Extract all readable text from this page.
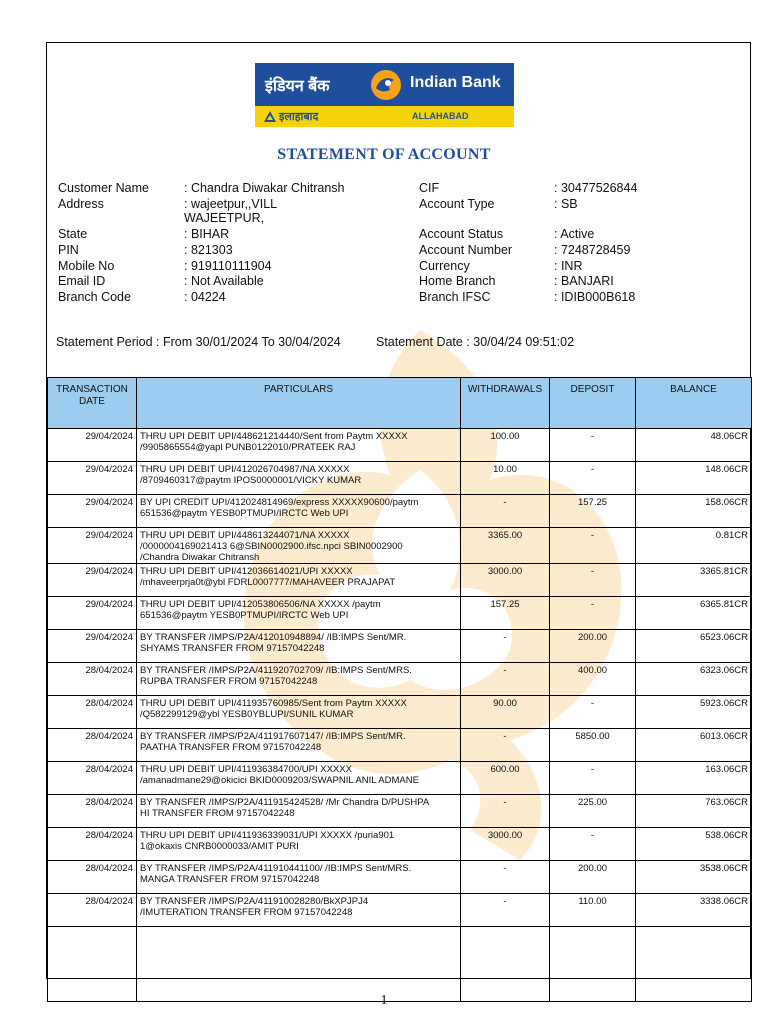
इंडियन बैंक	Indian Bank
इलाहाबाद	ALLAHABAD
STATEMENT OF ACCOUNT
Customer Name	: Chandra Diwakar Chitransh
Address	: wajeetpur,,VILL
WAJEETPUR,
State	: BIHAR
PIN	: 821303
Mobile No	: 919110111904
Email ID	: Not Available
Branch Code	: 04224
CIF	: 30477526844
Account Type	: SB
Account Status	: Active
Account Number	: 7248728459
Currency	: INR
Home Branch	: BANJARI
Branch IFSC	: IDIB000B618
Statement Period : From 30/01/2024 To 30/04/2024	Statement Date : 30/04/24 09:51:02
TRANSACTION DATE	PARTICULARS	WITHDRAWALS	DEPOSIT	BALANCE
29/04/2024	THRU UPI DEBIT UPI/448621214440/Sent from Paytm XXXXX
/9905865554@yapl PUNB0122010/PRATEEK RAJ	100.00	-	48.06CR
29/04/2024	THRU UPI DEBIT UPI/412026704987/NA XXXXX
/8709460317@paytm IPOS0000001/VICKY KUMAR	10.00	-	148.06CR
29/04/2024	BY UPI CREDIT UPI/412024814969/express XXXXX90600/paytm
651536@paytm YESB0PTMUPI/IRCTC Web UPI	-	157.25	158.06CR
29/04/2024	THRU UPI DEBIT UPI/448613244071/NA XXXXX
/0000004169021413 6@SBIN0002900.ifsc.npci SBIN0002900
/Chandra Diwakar Chitransh	3365.00	-	0.81CR
29/04/2024	THRU UPI DEBIT UPI/412036614021/UPI XXXXX
/mhaveerprja0t@ybl FDRL0007777/MAHAVEER PRAJAPAT	3000.00	-	3365.81CR
29/04/2024	THRU UPI DEBIT UPI/412053806506/NA XXXXX /paytm
651536@paytm YESB0PTMUPI/IRCTC Web UPI	157.25	-	6365.81CR
29/04/2024	BY TRANSFER /IMPS/P2A/412010948894/ /IB:IMPS Sent/MR.
SHYAMS TRANSFER FROM 97157042248	-	200.00	6523.06CR
28/04/2024	BY TRANSFER /IMPS/P2A/411920702709/ /IB:IMPS Sent/MRS.
RUPBA TRANSFER FROM 97157042248	-	400.00	6323.06CR
28/04/2024	THRU UPI DEBIT UPI/411935760985/Sent from Paytm XXXXX
/Q582299129@ybl YESB0YBLUPI/SUNIL KUMAR	90.00	-	5923.06CR
28/04/2024	BY TRANSFER /IMPS/P2A/411917607147/ /IB:IMPS Sent/MR.
PAATHA TRANSFER FROM 97157042248	-	5850.00	6013.06CR
28/04/2024	THRU UPI DEBIT UPI/411936384700/UPI XXXXX
/amanadmane29@okicici BKID0009203/SWAPNIL ANIL ADMANE	600.00	-	163.06CR
28/04/2024	BY TRANSFER /IMPS/P2A/411915424528/ /Mr Chandra D/PUSHPA
HI TRANSFER FROM 97157042248	-	225.00	763.06CR
28/04/2024	THRU UPI DEBIT UPI/411936339031/UPI XXXXX /puria901
1@okaxis CNRB0000033/AMIT PURI	3000.00	-	538.06CR
28/04/2024	BY TRANSFER /IMPS/P2A/411910441100/ /IB:IMPS Sent/MRS.
MANGA TRANSFER FROM 97157042248	-	200.00	3538.06CR
28/04/2024	BY TRANSFER /IMPS/P2A/411910028280/BkXPJPJ4
/IMUTERATION TRANSFER FROM 97157042248	-	110.00	3338.06CR

1
